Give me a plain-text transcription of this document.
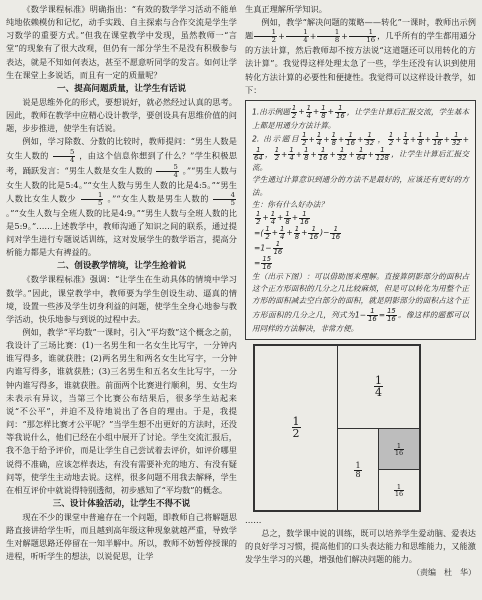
《数学课程标准》明确指出：“有效的数学学习活动不能单纯地依赖模仿和记忆，动手实践、自主探索与合作交流是学生学习数学的重要方式。”但我在课堂教学中发现，虽然教师一“言堂”的现象有了很大改观，但仍有一部分学生不是没有积极参与表达，就是不知如何表达，甚至不愿意听同学的发言。如何让学生在课堂上多说话，而且有一定的质量呢？

一、提高问题质量，让学生有话说

说是思维外化的形式，要想说好，就必然经过认真的思考。因此，教师在教学中应精心设计教学，要创设具有思维价值的问题，步步推进，使学生有话说。

例如，学习除数、分数的比较时，教师提问：“男生人数是女生人数的 $\frac{5}{4}$ ，由这个信息你想到了什么？”学生积极思考，踊跃发言：“男生人数是女生人数的 $\frac{5}{4}$ 。”“男生人数与女生人数的比是5:4。”“女生人数与男生人数的比是4:5。”“男生人数比女生人数少 $\frac{1}{5}$ 。”“女生人数是男生人数的 $\frac{4}{5}$
。”“女生人数与全班人数的比是4:9。”“男生人数与全班人数的比是5:9。”……上述教学中，教师沟通了知识之间的联系，通过提问对学生进行专题说话训练，这对发展学生的数学语言，提高分析能力都是大有裨益的。

二、创设教学情境，让学生抢着说

《数学课程标准》强调：“让学生在生动具体的情境中学习数学。”因此，课堂教学中，教师要为学生创设生动、逼真的情境，设置一些涉及学生切身利益的问题，使学生全身心地参与教学活动，快乐地参与到说的过程中去。

例如，教学“平均数”一课时，引入“平均数”这个概念之前，我设计了三场比赛：(1)一名男生和一名女生比写字，一分钟内谁写得多，谁就获胜；(2)两名男生和两名女生比写字，一分钟内谁写得多，谁就获胜；(3)三名男生和五名女生比写字，一分钟内谁写得多，谁就获胜。前面两个比赛进行顺利，男、女生均未表示有异议，当第三个比赛公布结果后，很多学生站起来说“不公平”，并迫不及待地说出了各自的理由。于是，我提问：“那怎样比赛才公平呢？”当学生想不出更好的方法时，还没等我说什么，他们已经在小组中展开了讨论。学生交流汇报后，我不急于给予评价，而是让学生自己尝试着去评价，如评价哪里说得不准确，应该怎样表达，有没有需要补充的地方、有没有疑问等，使学生主动地去说。这样，很多问题不用我去解释，学生在相互评价中就说得特别透彻，初步感知了“平均数”的概念。

三、设计体验活动，让学生不得不说

现在不少的课堂中普遍存在一个问题，即教师自己将解题思路直接讲给学生听，而且越到高年级这种现象就越严重，导致学生对解题思路还停留在一知半解中。所以，教师不妨暂停授课的进程，听听学生的想法，以说促思，让学

生真正理解所学知识。

例如，教学“解决问题的策略——转化”一课时，教师出示例题 $\frac{1}{2} + \frac{1}{4} + \frac{1}{8} + \frac{1}{16}$ ，几乎所有的学生都用通分的方法计算，然后教师却不按方法说“这道题还可以用转化的方法计算”。我觉得这样处理太急了一些，学生还没有认识到使用转化方法计算的必要性和便捷性。我觉得可以这样设计教学，如下：

1.出示例题 $\frac{1}{2} + \frac{1}{4} + \frac{1}{8} + \frac{1}{16}$ ，让学生计算后汇报交流，学生基本上都是用通分方法计算。

2. 出示题目 $\frac{1}{2} + \frac{1}{4} + \frac{1}{8} + \frac{1}{16} + \frac{1}{32}$ ， $\frac{1}{2} + \frac{1}{4} + \frac{1}{8} + \frac{1}{16} + \frac{1}{32}$ +
$\frac{1}{64}$ ， $\frac{1}{2} + \frac{1}{4} + \frac{1}{8} + \frac{1}{16} + \frac{1}{32} + \frac{1}{64} + \frac{1}{128}$ ，让学生计算后汇报交流。

学生通过计算意识到通分的方法不是最好的，应该还有更好的方法。

生：你有什么好办法？

$\frac{1}{2} + \frac{1}{4} + \frac{1}{8} + \frac{1}{16}$

=( $\frac{1}{2} + \frac{1}{4} + \frac{1}{8} + \frac{1}{16}$ )− $\frac{1}{16}$

$=1- \frac{1}{16}$

= $\frac{15}{16}$

生（出示下图）：可以借助图来理解。直接算阴影部分的面积占这个正方形面积的几分之几比较麻烦，但是可以转化为用整个正方形的面积减去空白部分的面积，就是阴影部分的面积占这个正方形面积的几分之几，列式为$1- \frac{1}{16} = \frac{15}{16}$ 。像这样的题都可以用同样的方法解决，非常方便。

$\frac{1}{2}$
$\frac{1}{4}$
$\frac{1}{8}$
$\frac{1}{16}$
$\frac{1}{16}$

……

总之，数学课中说的训练，既可以培养学生爱动脑、爱表达的良好学习习惯，提高他们的口头表达能力和思维能力，又能激发学生学习的兴趣，增强他们解决问题的能力。

（责编　杜　华）
